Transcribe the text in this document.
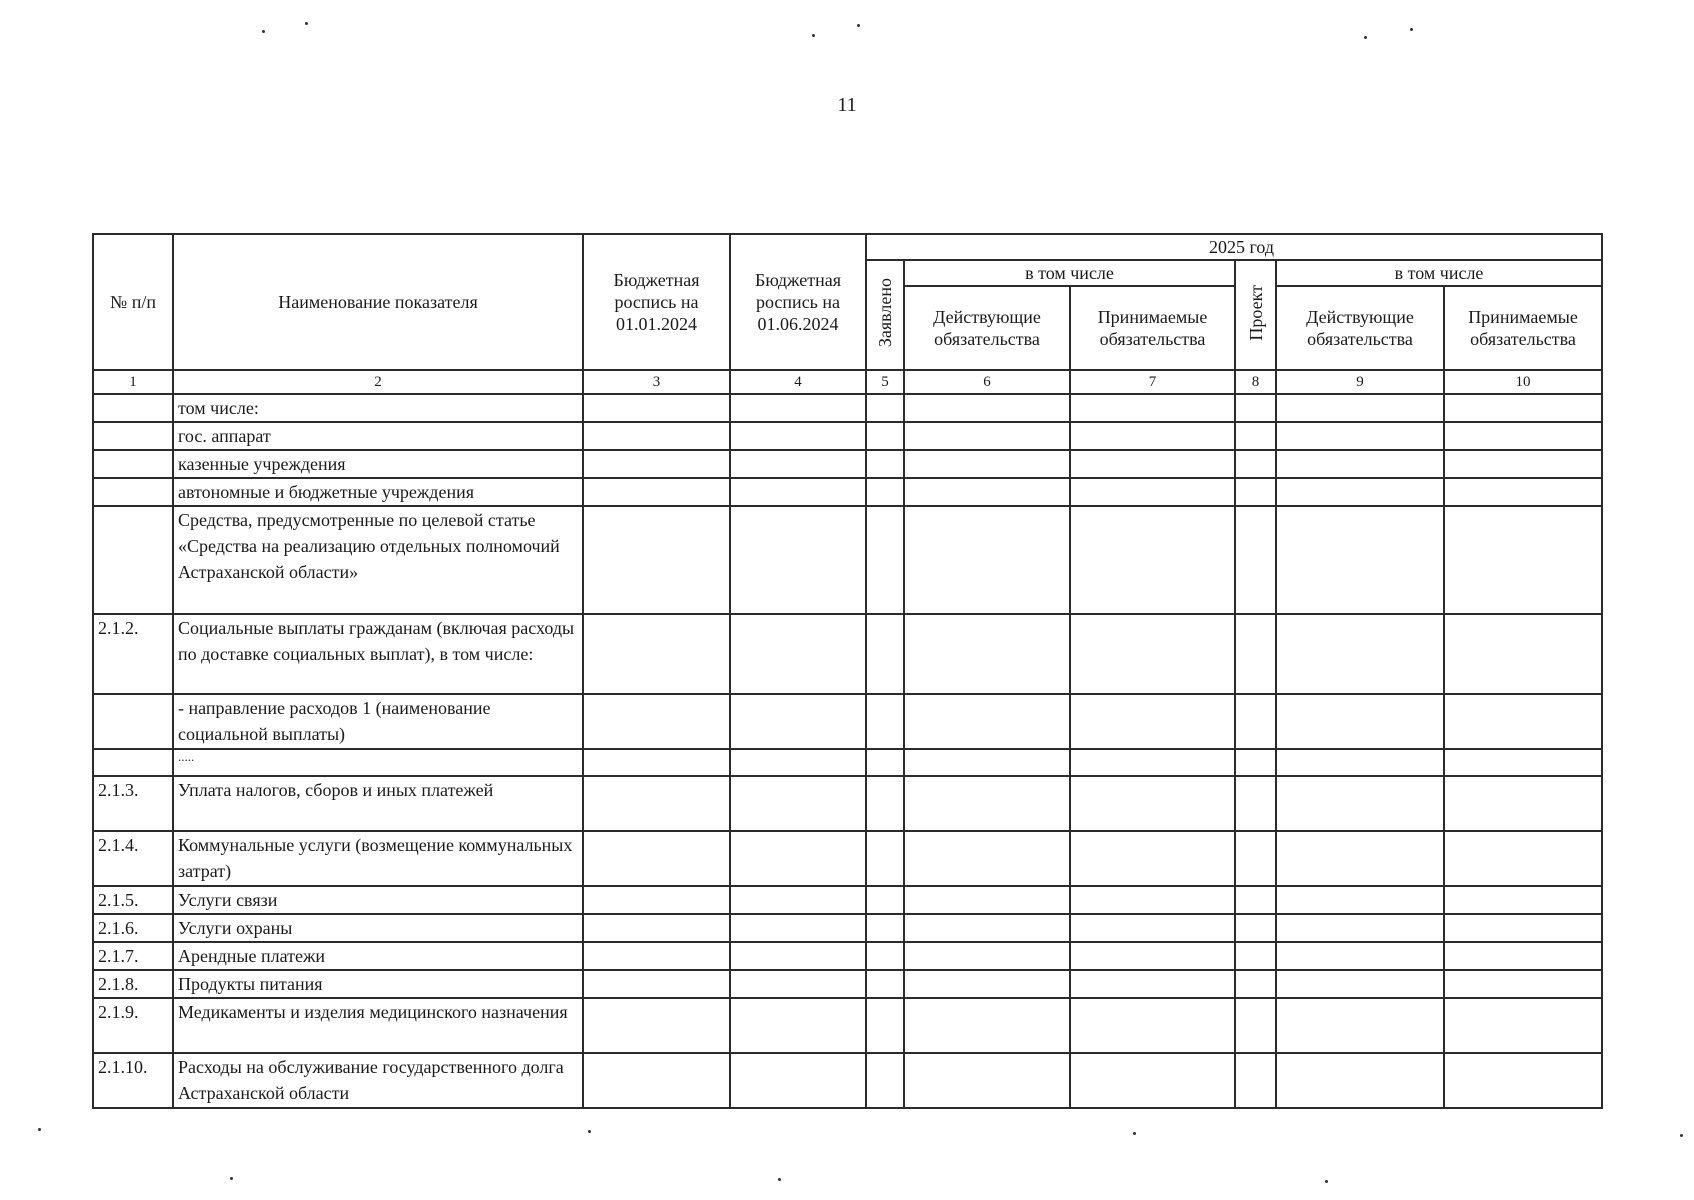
11
№ п/п	Наименование показателя	Бюджетная роспись на 01.01.2024	Бюджетная роспись на 01.06.2024	2025 год					
				Заявлено	в том числе		Проект	в том числе	
					Действующие обязательства	Принимаемые обязательства		Действующие обязательства	Принимаемые обязательства
1	2	3	4	5	6	7	8	9	10
	том числе:								
	гос. аппарат								
	казенные учреждения								
	автономные и бюджетные учреждения								
	Средства, предусмотренные по целевой статье «Средства на реализацию отдельных полномочий Астраханской области»								
2.1.2.	Социальные выплаты гражданам (включая расходы по доставке социальных выплат), в том числе:								
	- направление расходов 1 (наименование социальной выплаты)								
	.....								
2.1.3.	Уплата налогов, сборов и иных платежей								
2.1.4.	Коммунальные услуги (возмещение коммунальных затрат)								
2.1.5.	Услуги связи								
2.1.6.	Услуги охраны								
2.1.7.	Арендные платежи								
2.1.8.	Продукты питания								
2.1.9.	Медикаменты и изделия медицинского назначения								
2.1.10.	Расходы на обслуживание государственного долга Астраханской области								
